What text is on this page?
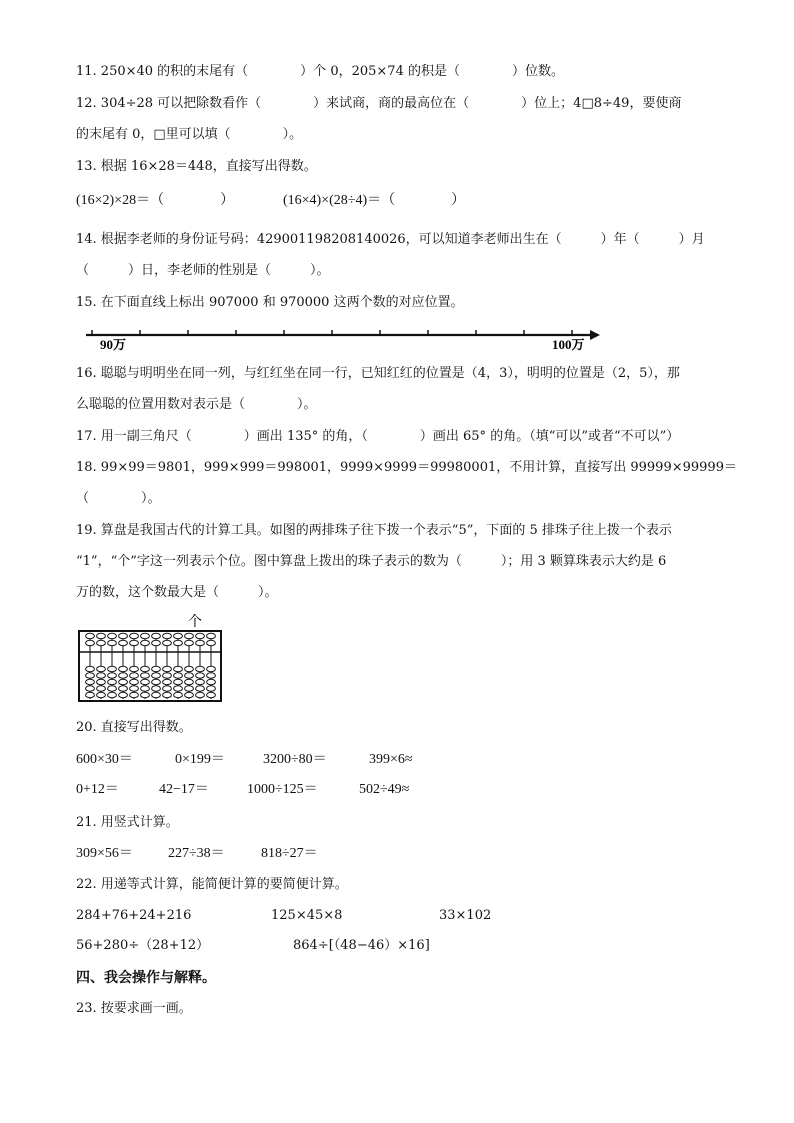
11. 250×40 的积的末尾有（　　　　）个 0，205×74 的积是（　　　　）位数。
12. 304÷28 可以把除数看作（　　　　）来试商，商的最高位在（　　　　）位上；4□8÷49，要使商
的末尾有 0，□里可以填（　　　　）。
13. 根据 16×28＝448，直接写出得数。
(16×2)×28＝（　　　　）	(16×4)×(28÷4)＝（　　　　）
14. 根据李老师的身份证号码：429001198208140026，可以知道李老师出生在（　　　）年（　　　）月
（　　　）日，李老师的性别是（　　　）。
15. 在下面直线上标出 907000 和 970000 这两个数的对应位置。
90万	100万
16. 聪聪与明明坐在同一列，与红红坐在同一行，已知红红的位置是（4，3），明明的位置是（2，5），那
么聪聪的位置用数对表示是（　　　　）。
17. 用一副三角尺（　　　　）画出 135° 的角，（　　　　）画出 65° 的角。（填“可以”或者“不可以”）
18. 99×99＝9801，999×999＝998001，9999×9999＝99980001，不用计算，直接写出 99999×99999＝
（　　　　）。
19. 算盘是我国古代的计算工具。如图的两排珠子往下拨一个表示“5”，下面的 5 排珠子往上拨一个表示
“1”，“个”字这一列表示个位。图中算盘上拨出的珠子表示的数为（　　　）；用 3 颗算珠表示大约是 6
万的数，这个数最大是（　　　）。
个
20. 直接写出得数。
600×30＝	0×199＝	3200÷80＝	399×6≈
0+12＝	42−17＝	1000÷125＝	502÷49≈
21. 用竖式计算。
309×56＝	227÷38＝	818÷27＝
22. 用递等式计算，能简便计算的要简便计算。
284+76+24+216	125×45×8	33×102
56+280÷（28+12）	864÷[（48−46）×16]
四、我会操作与解释。
23. 按要求画一画。
